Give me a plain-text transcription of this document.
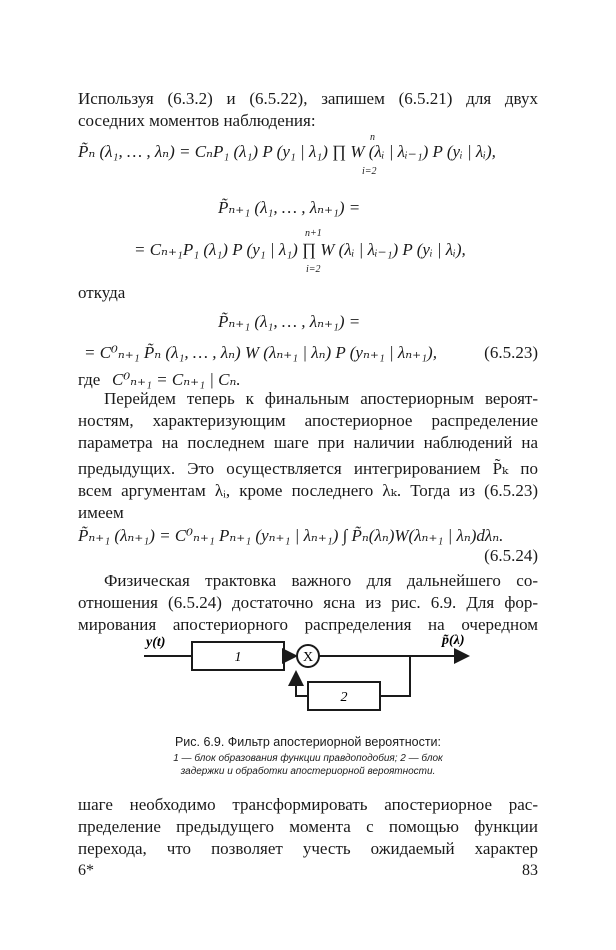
Используя (6.3.2) и (6.5.22), запишем (6.5.21) для двух

соседних моментов наблюдения:

P̃ₙ (λ₁, … , λₙ) = CₙP₁ (λ₁) P (y₁ | λ₁) ∏ W (λᵢ | λᵢ₋₁) P (yᵢ | λᵢ),
n
i=2
P̃ₙ₊₁ (λ₁, … , λₙ₊₁) =
= Cₙ₊₁P₁ (λ₁) P (y₁ | λ₁) ∏ W (λᵢ | λᵢ₋₁) P (yᵢ | λᵢ),
n+1
i=2

откуда

P̃ₙ₊₁ (λ₁, … , λₙ₊₁) =
= C⁰ₙ₊₁ P̃ₙ (λ₁, … , λₙ) W (λₙ₊₁ | λₙ) P (yₙ₊₁ | λₙ₊₁),	(6.5.23)
где C⁰ₙ₊₁ = Cₙ₊₁ | Cₙ.

Перейдем теперь к финальным апостериорным вероят-

ностям, характеризующим апостериорное распределение

параметра на последнем шаге при наличии наблюдений на

предыдущих. Это осуществляется интегрированием P̃ₖ по

всем аргументам λᵢ, кроме последнего λₖ. Тогда из (6.5.23)

имеем

P̃ₙ₊₁ (λₙ₊₁) = C⁰ₙ₊₁ Pₙ₊₁ (yₙ₊₁ | λₙ₊₁) ∫ P̃ₙ(λₙ)W(λₙ₊₁ | λₙ)dλₙ.
(6.5.24)

Физическая трактовка важного для дальнейшего со-

отношения (6.5.24) достаточно ясна из рис. 6.9. Для фор-

мирования апостериорного распределения на очередном

1	X
2
y(t)	p̃(λ)
Рис. 6.9. Фильтр апостериорной вероятности:
1 — блок образования функции правдоподобия; 2 — блок
задержки и обработки апостериорной вероятности.

шаге необходимо трансформировать апостериорное рас-

пределение предыдущего момента с помощью функции

перехода, что позволяет учесть ожидаемый характер

6*	83
